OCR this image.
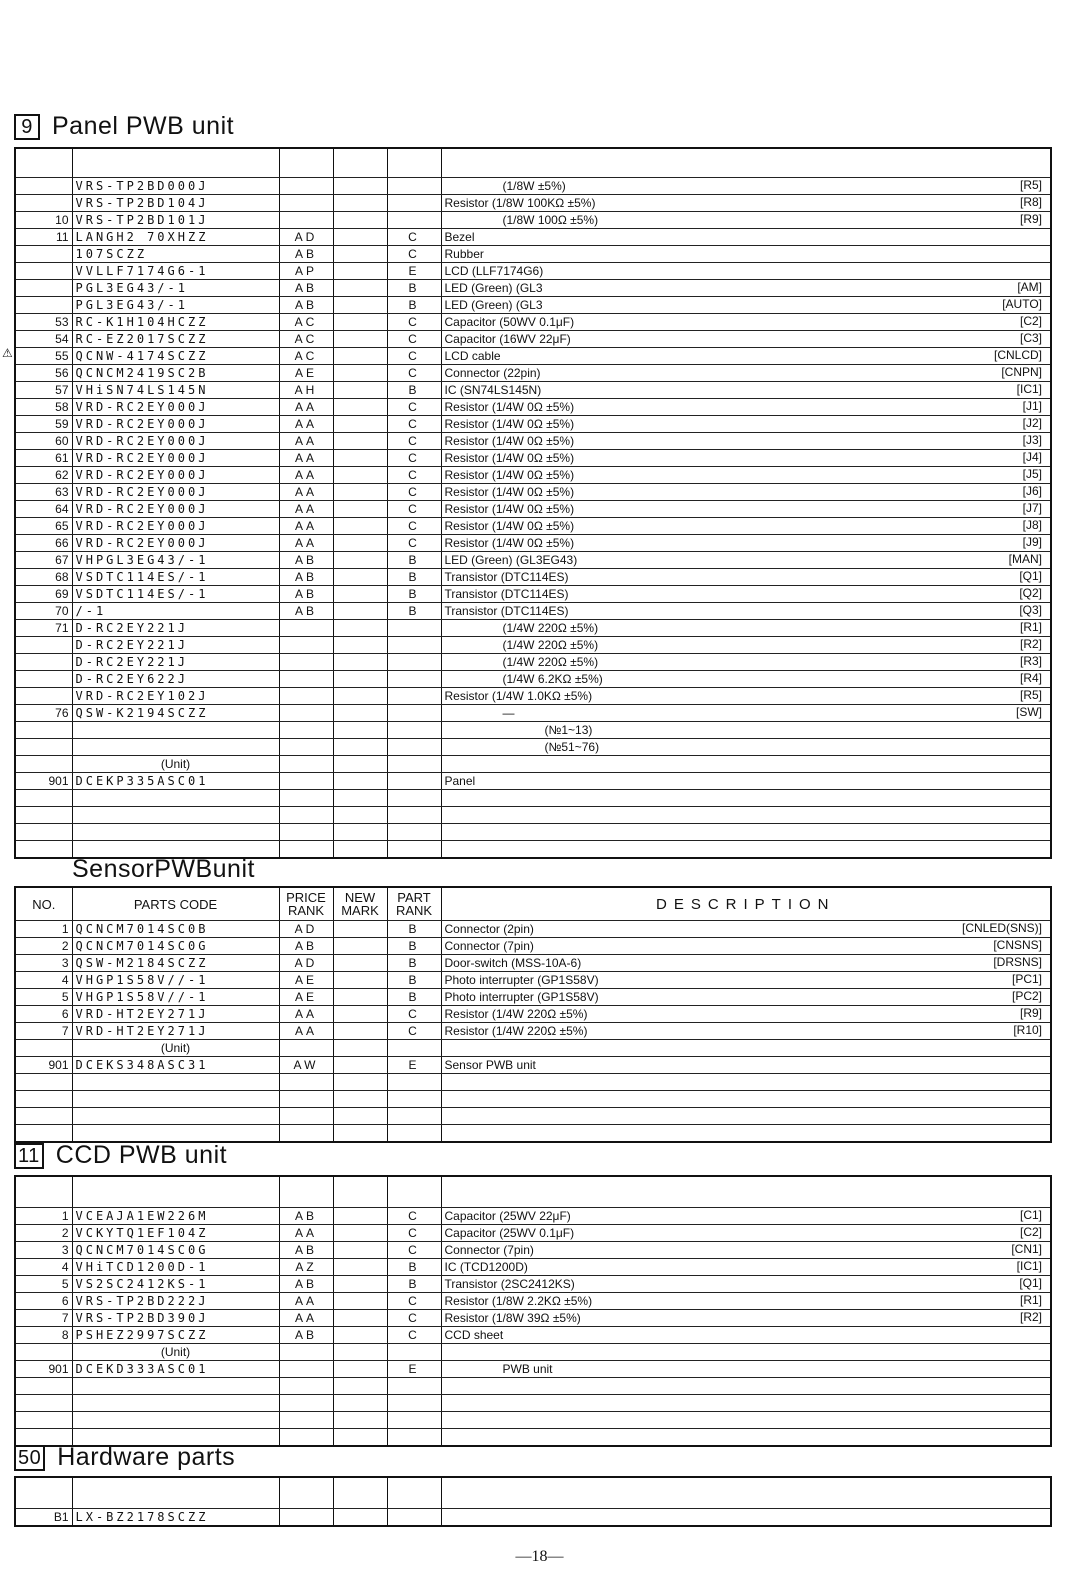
9 Panel PWB unit

	VRS-TP2BD000J				(1/8W ±5%) [R5]

	VRS-TP2BD104J				Resistor (1/8W 100KΩ ±5%) [R8]

10	VRS-TP2BD101J				(1/8W 100Ω ±5%) [R9]

11	LANGH2 70XHZZ	AD		C	Bezel

	107SCZZ	AB		C	Rubber

	VVLLF7174G6-1	AP		E	LCD (LLF7174G6)

	PGL3EG43/-1	AB		B	LED (Green) (GL3 [AM]

	PGL3EG43/-1	AB		B	LED (Green) (GL3 [AUTO]

53	RC-K1H104HCZZ	AC		C	Capacitor (50WV 0.1μF) [C2]

54	RC-EZ2017SCZZ	AC		C	Capacitor (16WV 22μF) [C3]

55	QCNW-4174SCZZ	AC		C	LCD cable [CNLCD]

56	QCNCM2419SC2B	AE		C	Connector (22pin) [CNPN]

57	VHiSN74LS145N	AH		B	IC (SN74LS145N) [IC1]

58	VRD-RC2EY000J	AA		C	Resistor (1/4W 0Ω ±5%) [J1]

59	VRD-RC2EY000J	AA		C	Resistor (1/4W 0Ω ±5%) [J2]

60	VRD-RC2EY000J	AA		C	Resistor (1/4W 0Ω ±5%) [J3]

61	VRD-RC2EY000J	AA		C	Resistor (1/4W 0Ω ±5%) [J4]

62	VRD-RC2EY000J	AA		C	Resistor (1/4W 0Ω ±5%) [J5]

63	VRD-RC2EY000J	AA		C	Resistor (1/4W 0Ω ±5%) [J6]

64	VRD-RC2EY000J	AA		C	Resistor (1/4W 0Ω ±5%) [J7]

65	VRD-RC2EY000J	AA		C	Resistor (1/4W 0Ω ±5%) [J8]

66	VRD-RC2EY000J	AA		C	Resistor (1/4W 0Ω ±5%) [J9]

67	VHPGL3EG43/-1	AB		B	LED (Green) (GL3EG43) [MAN]

68	VSDTC114ES/-1	AB		B	Transistor (DTC114ES) [Q1]

69	VSDTC114ES/-1	AB		B	Transistor (DTC114ES) [Q2]

70	/-1	AB		B	Transistor (DTC114ES) [Q3]

71	D-RC2EY221J				(1/4W 220Ω ±5%) [R1]

	D-RC2EY221J				(1/4W 220Ω ±5%) [R2]

	D-RC2EY221J				(1/4W 220Ω ±5%) [R3]

	D-RC2EY622J				(1/4W 6.2KΩ ±5%) [R4]

	VRD-RC2EY102J				Resistor (1/4W 1.0KΩ ±5%) [R5]

76	QSW-K2194SCZZ				— [SW]

					(№1~13)

					(№51~76)

	(Unit)				

901	DCEKP335ASC01				Panel

⚠
SensorPWBunit
NO.	PARTS CODE	PRICE RANK	NEW MARK	PART RANK	DESCRIPTION
1	QCNCM7014SC0B	AD		B	Connector (2pin) [CNLED(SNS)]

2	QCNCM7014SC0G	AB		B	Connector (7pin) [CNSNS]

3	QSW-M2184SCZZ	AD		B	Door-switch (MSS-10A-6) [DRSNS]

4	VHGP1S58V//-1	AE		B	Photo interrupter (GP1S58V) [PC1]

5	VHGP1S58V//-1	AE		B	Photo interrupter (GP1S58V) [PC2]

6	VRD-HT2EY271J	AA		C	Resistor (1/4W 220Ω ±5%) [R9]

7	VRD-HT2EY271J	AA		C	Resistor (1/4W 220Ω ±5%) [R10]

	(Unit)				

901	DCEKS348ASC31	AW		E	Sensor PWB unit

11 CCD PWB unit

1	VCEAJA1EW226M	AB		C	Capacitor (25WV 22μF) [C1]

2	VCKYTQ1EF104Z	AA		C	Capacitor (25WV 0.1μF) [C2]

3	QCNCM7014SC0G	AB		C	Connector (7pin) [CN1]

4	VHiTCD1200D-1	AZ		B	IC (TCD1200D) [IC1]

5	VS2SC2412KS-1	AB		B	Transistor (2SC2412KS) [Q1]

6	VRS-TP2BD222J	AA		C	Resistor (1/8W 2.2KΩ ±5%) [R1]

7	VRS-TP2BD390J	AA		C	Resistor (1/8W 39Ω ±5%) [R2]

8	PSHEZ2997SCZZ	AB		C	CCD sheet

	(Unit)				

901	DCEKD333ASC01			E	PWB unit

50 Hardware parts

B1	LX-BZ2178SCZZ				
—18—
